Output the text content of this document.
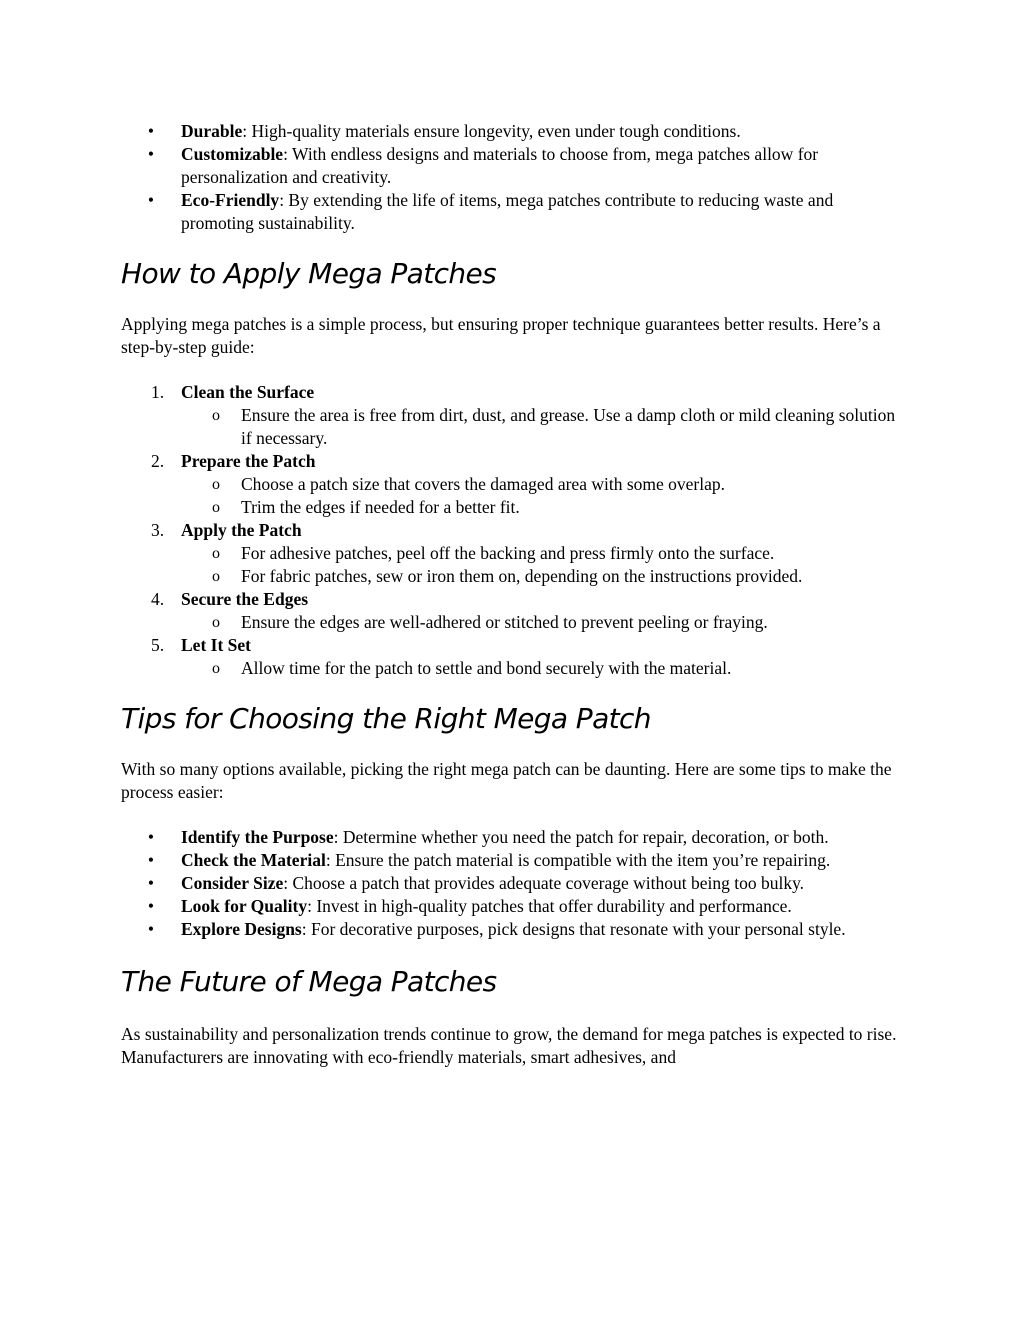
• Durable: High-quality materials ensure longevity, even under tough conditions.
• Customizable: With endless designs and materials to choose from, mega patches allow for personalization and creativity.
• Eco-Friendly: By extending the life of items, mega patches contribute to reducing waste and promoting sustainability.
How to Apply Mega Patches

Applying mega patches is a simple process, but ensuring proper technique guarantees better results. Here’s a step-by-step guide:

1. Clean the Surface
o Ensure the area is free from dirt, dust, and grease. Use a damp cloth or mild cleaning solution if necessary.
2. Prepare the Patch
o Choose a patch size that covers the damaged area with some overlap.
o Trim the edges if needed for a better fit.
3. Apply the Patch
o For adhesive patches, peel off the backing and press firmly onto the surface.
o For fabric patches, sew or iron them on, depending on the instructions provided.
4. Secure the Edges
o Ensure the edges are well-adhered or stitched to prevent peeling or fraying.
5. Let It Set
o Allow time for the patch to settle and bond securely with the material.
Tips for Choosing the Right Mega Patch

With so many options available, picking the right mega patch can be daunting. Here are some tips to make the process easier:

• Identify the Purpose: Determine whether you need the patch for repair, decoration, or both.
• Check the Material: Ensure the patch material is compatible with the item you’re repairing.
• Consider Size: Choose a patch that provides adequate coverage without being too bulky.
• Look for Quality: Invest in high-quality patches that offer durability and performance.
• Explore Designs: For decorative purposes, pick designs that resonate with your personal style.
The Future of Mega Patches

As sustainability and personalization trends continue to grow, the demand for mega patches is expected to rise. Manufacturers are innovating with eco-friendly materials, smart adhesives, and
